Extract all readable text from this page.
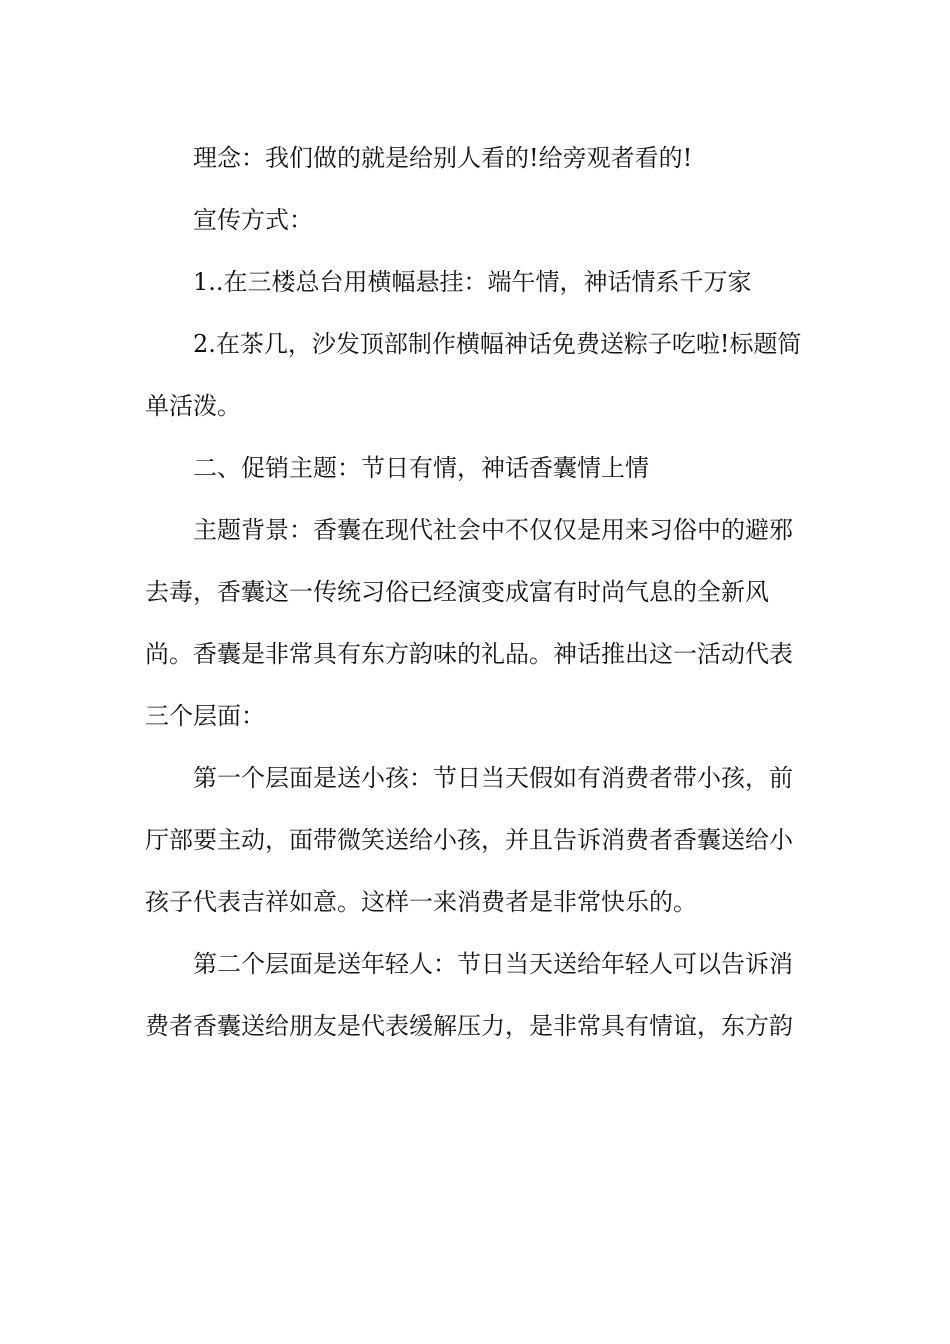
理念：我们做的就是给别人看的!给旁观者看的!

宣传方式：

1..在三楼总台用横幅悬挂：端午情，神话情系千万家

2.在茶几，沙发顶部制作横幅神话免费送粽子吃啦!标题简单活泼。

二、促销主题：节日有情，神话香囊情上情

主题背景：香囊在现代社会中不仅仅是用来习俗中的避邪去毒，香囊这一传统习俗已经演变成富有时尚气息的全新风尚。香囊是非常具有东方韵味的礼品。神话推出这一活动代表三个层面：

第一个层面是送小孩：节日当天假如有消费者带小孩，前厅部要主动，面带微笑送给小孩，并且告诉消费者香囊送给小孩子代表吉祥如意。这样一来消费者是非常快乐的。

第二个层面是送年轻人：节日当天送给年轻人可以告诉消费者香囊送给朋友是代表缓解压力，是非常具有情谊，东方韵
